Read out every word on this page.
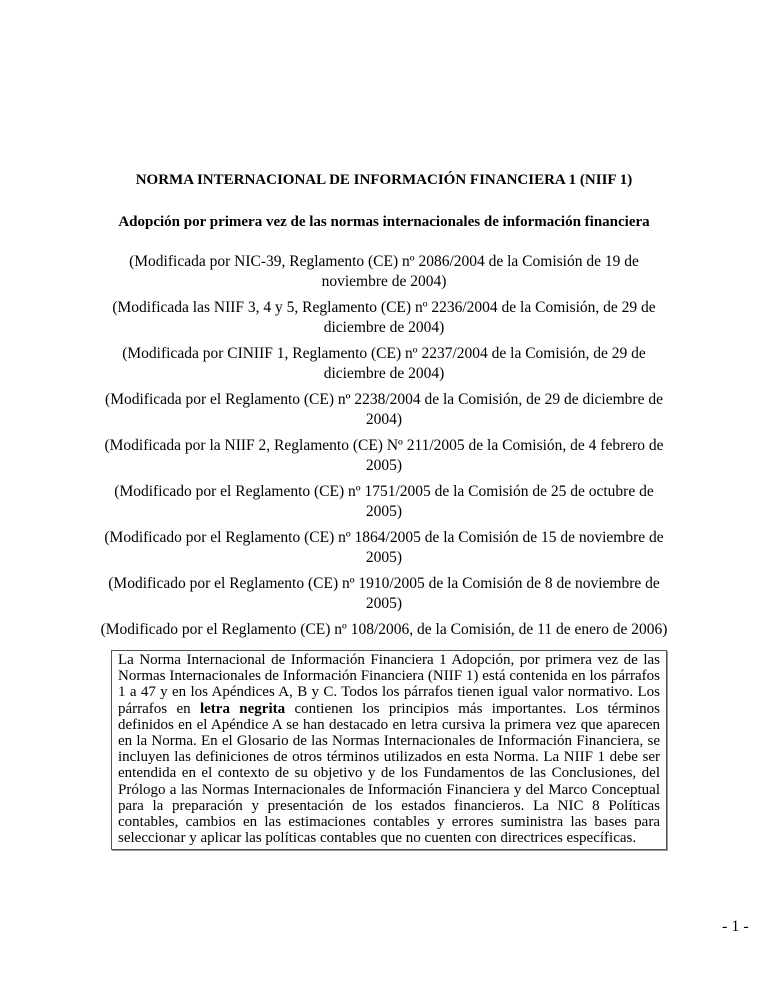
NORMA INTERNACIONAL DE INFORMACIÓN FINANCIERA 1 (NIIF 1)
Adopción por primera vez de las normas internacionales de información financiera
(Modificada por NIC-39, Reglamento (CE) nº 2086/2004 de la Comisión de 19 de
noviembre de 2004)
(Modificada las NIIF 3, 4 y 5, Reglamento (CE) nº 2236/2004 de la Comisión, de 29 de
diciembre de 2004)
(Modificada por CINIIF 1, Reglamento (CE) nº 2237/2004 de la Comisión, de 29 de
diciembre de 2004)
(Modificada por el Reglamento (CE) nº 2238/2004 de la Comisión, de 29 de diciembre de
2004)
(Modificada por la NIIF 2, Reglamento (CE) Nº 211/2005 de la Comisión, de 4 febrero de
2005)
(Modificado por el Reglamento (CE) nº 1751/2005 de la Comisión de 25 de octubre de
2005)
(Modificado por el Reglamento (CE) nº 1864/2005 de la Comisión de 15 de noviembre de
2005)
(Modificado por el Reglamento (CE) nº 1910/2005 de la Comisión de 8 de noviembre de
2005)
(Modificado por el Reglamento (CE) nº 108/2006, de la Comisión, de 11 de enero de 2006)
La Norma Internacional de Información Financiera 1 Adopción, por primera vez de las Normas Internacionales de Información Financiera (NIIF 1) está contenida en los párrafos 1 a 47 y en los Apéndices A, B y C. Todos los párrafos tienen igual valor normativo. Los párrafos en letra negrita contienen los principios más importantes. Los términos definidos en el Apéndice A se han destacado en letra cursiva la primera vez que aparecen en la Norma. En el Glosario de las Normas Internacionales de Información Financiera, se incluyen las definiciones de otros términos utilizados en esta Norma. La NIIF 1 debe ser entendida en el contexto de su objetivo y de los Fundamentos de las Conclusiones, del Prólogo a las Normas Internacionales de Información Financiera y del Marco Conceptual para la preparación y presentación de los estados financieros. La NIC 8 Políticas contables, cambios en las estimaciones contables y errores suministra las bases para seleccionar y aplicar las políticas contables que no cuenten con directrices específicas.
- 1 -
